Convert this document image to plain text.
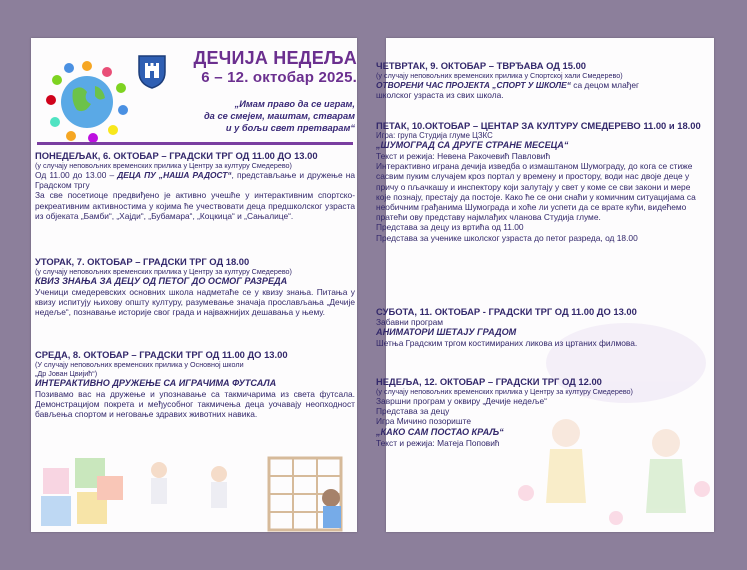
ДЕЧИЈА НЕДЕЉА
6 – 12. октобар 2025.
„Имам право да се играм,
да се смејем, маштам, стварам
и у бољи свет претварам“
ПОНЕДЕЉАК, 6. ОКТОБАР – ГРАДСКИ ТРГ ОД 11.00 ДО 13.00
(у случају неповољних временских прилика у Центру за културу Смедерево)
Од 11.00 до 13.00 – ДЕЦА ПУ „НАША РАДОСТ“, представљање и дружење на Градском тргу
За све посетиоце предвиђено је активно учешће у интерактивним спортско-рекреативним активностима у којима ће учествовати деца предшколског узраста из објеката „Бамби“, „Хајди“, „Бубамара“, „Коцкица“ и „Сањалице“.
УТОРАК, 7. ОКТОБАР – ГРАДСКИ ТРГ ОД 18.00
(у случају неповољних временских прилика у Центру за културу Смедерево)
КВИЗ ЗНАЊА ЗА ДЕЦУ ОД ПЕТОГ ДО ОСМОГ РАЗРЕДА
Ученици смедеревских основних школа надметаће се у квизу знања. Питања у квизу испитују њихову општу културу, разумевање значаја прослављања „Дечије недеље“, познавање историје свог града и најважнијих дешавања у њему.
СРЕДА, 8. ОКТОБАР – ГРАДСКИ ТРГ ОД 11.00 ДО 13.00
(У случају неповољних временских прилика у Основној школи
„Др Јован Цвијић“)
ИНТЕРАКТИВНО ДРУЖЕЊЕ СА ИГРАЧИМА ФУТСАЛА
Позивамо вас на дружење и упознавање са такмичарима из света футсала. Демонстрацијом покрета и међусобног такмичења деца уочавају неопходност бављења спортом и неговање здравих животних навика.
ЧЕТВРТАК, 9. ОКТОБАР – ТВРЂАВА ОД 15.00
(у случају неповољних временских прилика у Спортској хали Смедерево)
ОТВОРЕНИ ЧАС ПРОЈЕКТА „СПОРТ У ШКОЛЕ“ са децом млађег
школског узраста из свих школа.
ПЕТАК, 10.ОКТОБАР – ЦЕНТАР ЗА КУЛТУРУ СМЕДЕРЕВО 11.00 и 18.00
Игра: група Студија глуме ЦЗКС
„ШУМОГРАД СА ДРУГЕ СТРАНЕ МЕСЕЦА“
Текст и режија: Невена Ракочевић Павловић
Интерактивно играна дечија изведба о измаштаном Шумограду, до кога се стиже сасвим пуким случајем кроз портал у времену и простору, води нас двоје деце у причу о пљачкашу и инспектору који залутају у свет у коме се сви закони и мере које познају, престају да постоје. Како ће се они снаћи у комичним ситуацијама са необичним грађанима Шумограда и хоће ли успети да се врате кући, видећемо пратећи ову представу најмлађих чланова Студија глуме.
Представа за децу из вртића од 11.00
Представа за ученике школског узраста до петог разреда, од 18.00
СУБОТА, 11. ОКТОБАР - ГРАДСКИ ТРГ ОД 11.00 ДО 13.00
Забавни програм
АНИМАТОРИ ШЕТАЈУ ГРАДОМ
Шетња Градским тргом костимираних ликова из цртаних филмова.
НЕДЕЉА, 12. ОКТОБАР – ГРАДСКИ ТРГ ОД 12.00
(у случају неповољних временских прилика у Центру за културу Смедерево)
Завршни програм у оквиру „Дечије недеље“
Представа за децу
Игра Мичино позориште
„КАКО САМ ПОСТАО КРАЉ“
Текст и режија: Матеја Поповић
